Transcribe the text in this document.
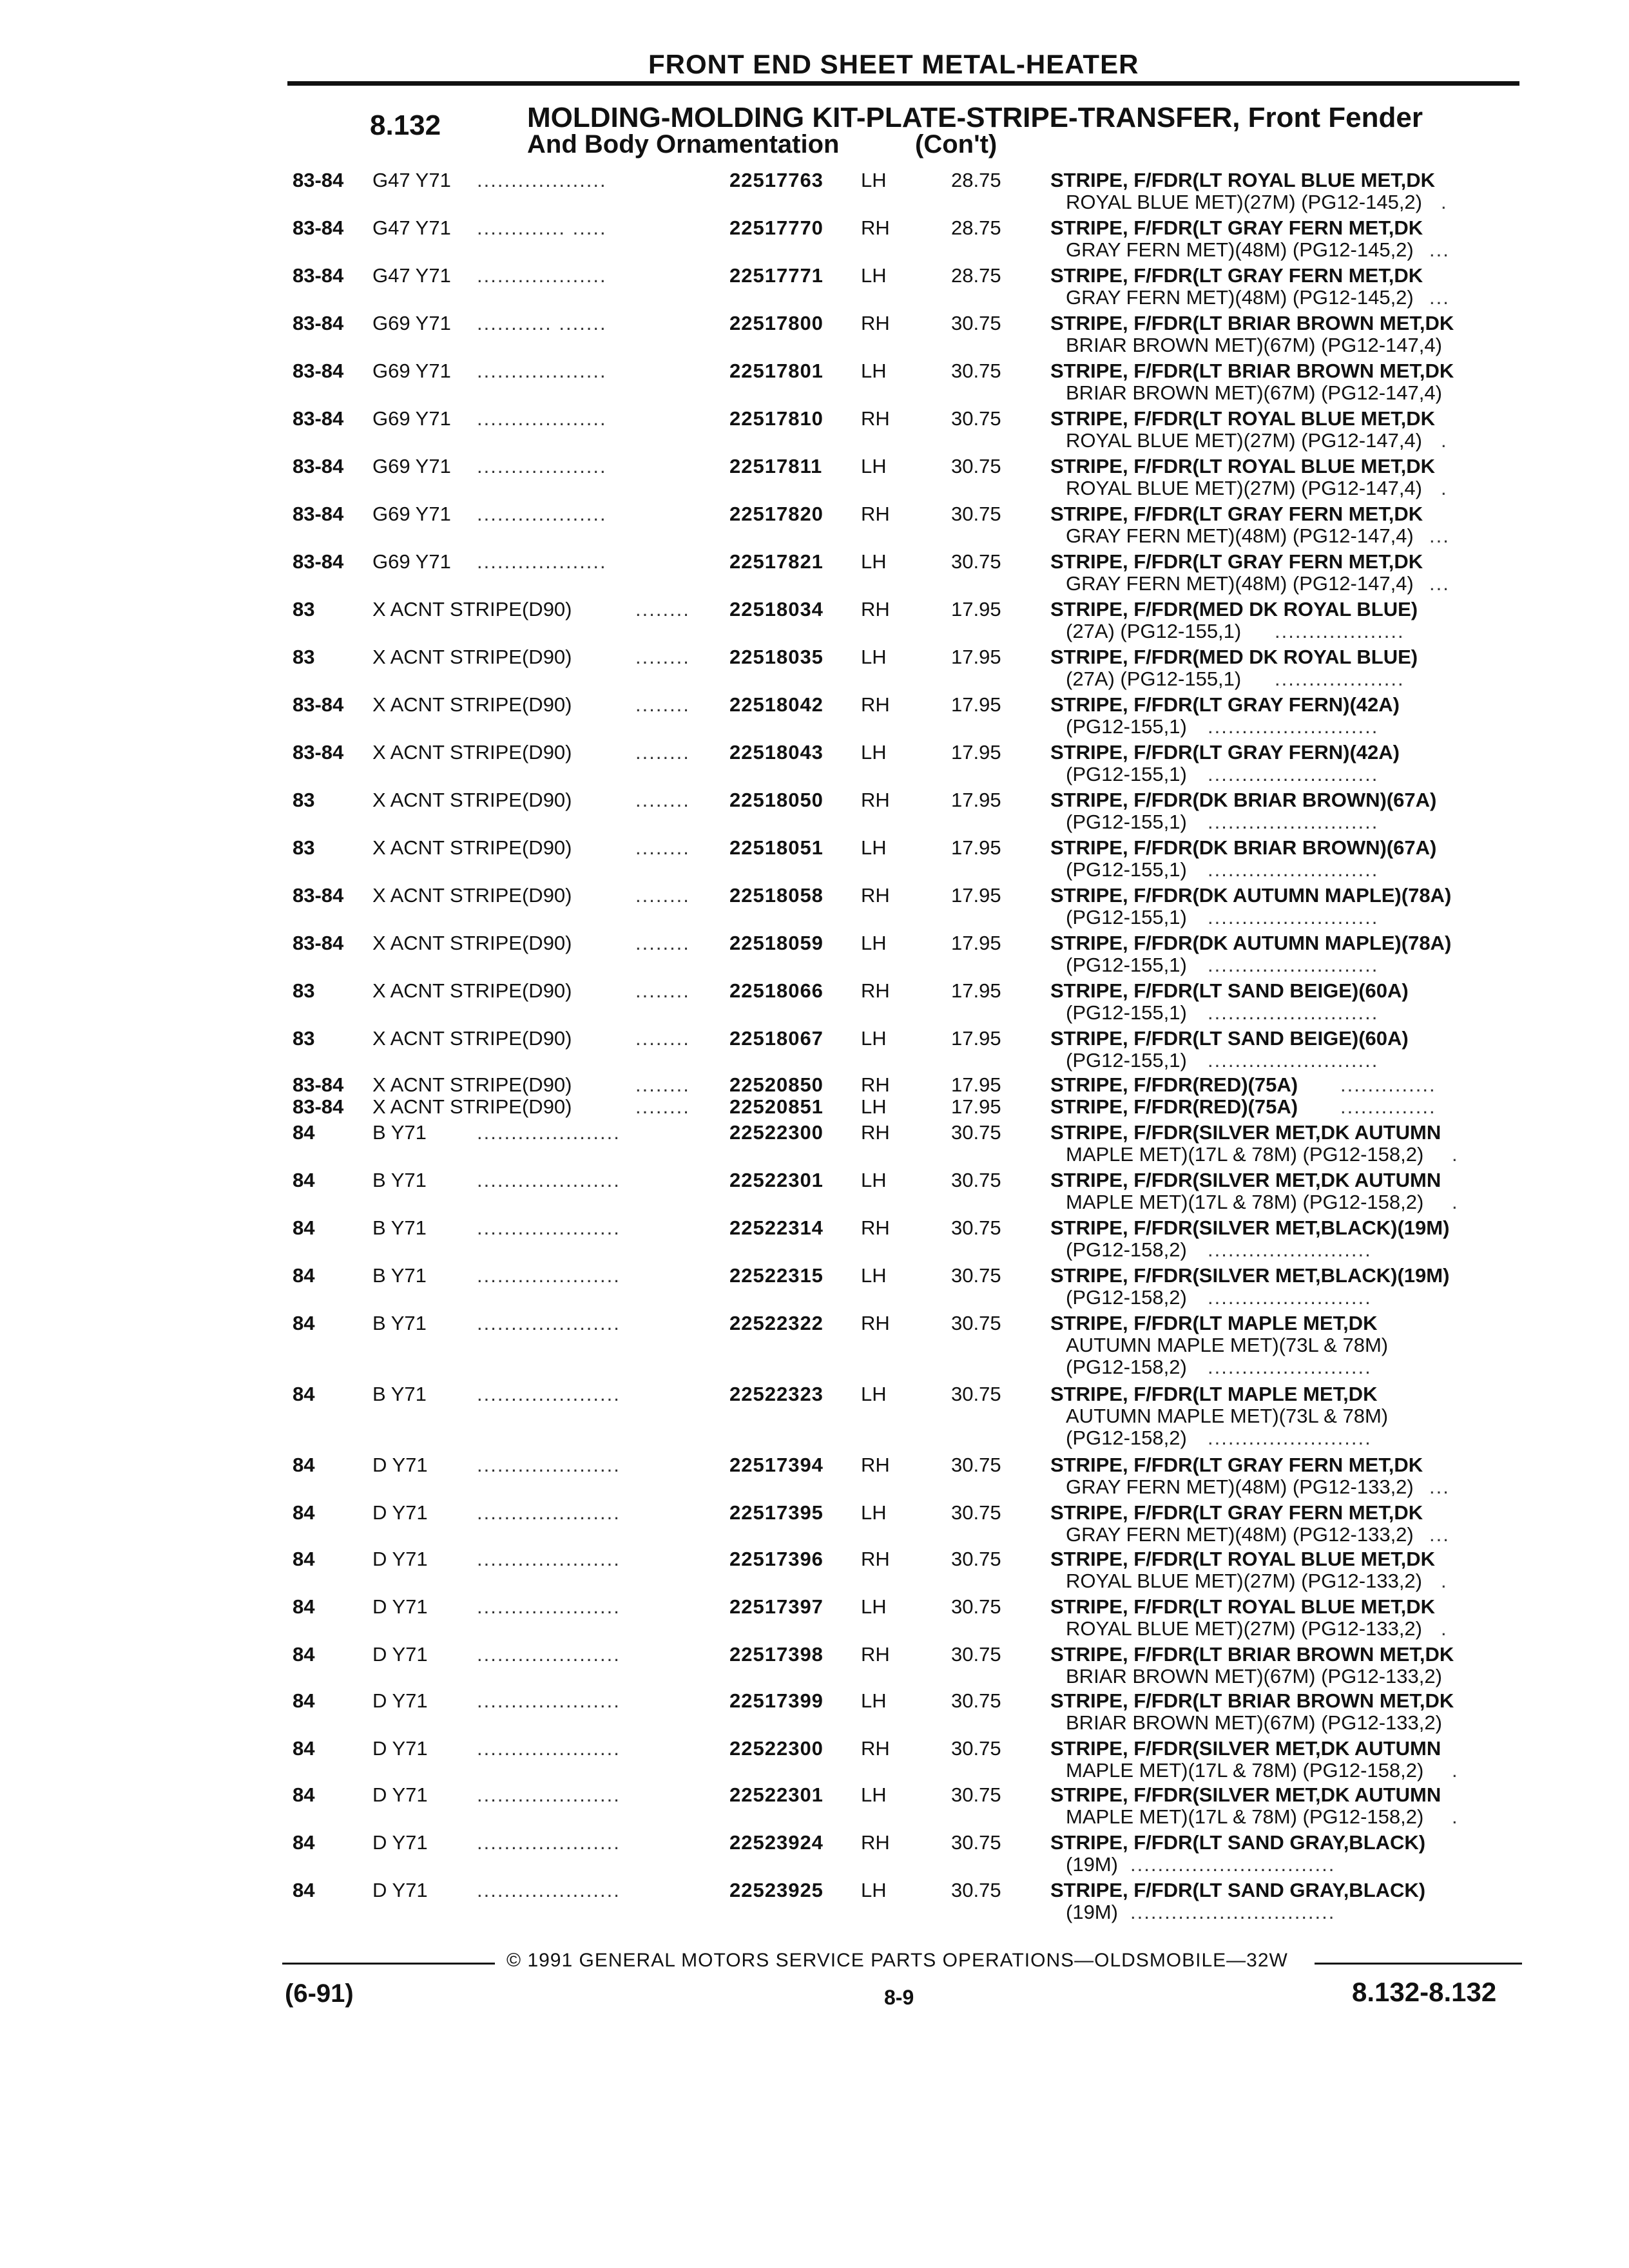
FRONT END SHEET METAL-HEATER
8.132	MOLDING-MOLDING KIT-PLATE-STRIPE-TRANSFER, Front Fender
And Body Ornamentation	(Con't)
83-84 G47 Y71 ...................	22517763 LH	28.75 STRIPE, F/FDR(LT ROYAL BLUE MET,DK
ROYAL BLUE MET)(27M) (PG12-145,2) .
83-84 G47 Y71 ............. .....	22517770 RH	28.75 STRIPE, F/FDR(LT GRAY FERN MET,DK
GRAY FERN MET)(48M) (PG12-145,2) ...
83-84 G47 Y71 ...................	22517771 LH	28.75 STRIPE, F/FDR(LT GRAY FERN MET,DK
GRAY FERN MET)(48M) (PG12-145,2) ...
83-84 G69 Y71 ........... .......	22517800 RH	30.75 STRIPE, F/FDR(LT BRIAR BROWN MET,DK
BRIAR BROWN MET)(67M) (PG12-147,4)
83-84 G69 Y71 ...................	22517801 LH	30.75 STRIPE, F/FDR(LT BRIAR BROWN MET,DK
BRIAR BROWN MET)(67M) (PG12-147,4)
83-84 G69 Y71 ...................	22517810 RH	30.75 STRIPE, F/FDR(LT ROYAL BLUE MET,DK
ROYAL BLUE MET)(27M) (PG12-147,4) .
83-84 G69 Y71 ...................	22517811 LH	30.75 STRIPE, F/FDR(LT ROYAL BLUE MET,DK
ROYAL BLUE MET)(27M) (PG12-147,4) .
83-84 G69 Y71 ...................	22517820 RH	30.75 STRIPE, F/FDR(LT GRAY FERN MET,DK
GRAY FERN MET)(48M) (PG12-147,4) ...
83-84 G69 Y71 ...................	22517821 LH	30.75 STRIPE, F/FDR(LT GRAY FERN MET,DK
GRAY FERN MET)(48M) (PG12-147,4) ...
83	X ACNT STRIPE(D90)	........ 22518034 RH	17.95 STRIPE, F/FDR(MED DK ROYAL BLUE)
(27A) (PG12-155,1) ...................
83	X ACNT STRIPE(D90)	........ 22518035 LH	17.95 STRIPE, F/FDR(MED DK ROYAL BLUE)
(27A) (PG12-155,1) ...................
83-84 X ACNT STRIPE(D90)	........ 22518042 RH	17.95 STRIPE, F/FDR(LT GRAY FERN)(42A)
(PG12-155,1) .........................
83-84 X ACNT STRIPE(D90)	........ 22518043 LH	17.95 STRIPE, F/FDR(LT GRAY FERN)(42A)
(PG12-155,1) .........................
83	X ACNT STRIPE(D90)	........ 22518050 RH	17.95 STRIPE, F/FDR(DK BRIAR BROWN)(67A)
(PG12-155,1) .........................
83	X ACNT STRIPE(D90)	........ 22518051 LH	17.95 STRIPE, F/FDR(DK BRIAR BROWN)(67A)
(PG12-155,1) .........................
83-84 X ACNT STRIPE(D90)	........ 22518058 RH	17.95 STRIPE, F/FDR(DK AUTUMN MAPLE)(78A)
(PG12-155,1) .........................
83-84 X ACNT STRIPE(D90)	........ 22518059 LH	17.95 STRIPE, F/FDR(DK AUTUMN MAPLE)(78A)
(PG12-155,1) .........................
83	X ACNT STRIPE(D90)	........ 22518066 RH	17.95 STRIPE, F/FDR(LT SAND BEIGE)(60A)
(PG12-155,1) .........................
83	X ACNT STRIPE(D90)	........ 22518067 LH	17.95 STRIPE, F/FDR(LT SAND BEIGE)(60A)
(PG12-155,1) .........................
83-84 X ACNT STRIPE(D90)	........ 22520850 RH	17.95 STRIPE, F/FDR(RED)(75A) ..............
83-84 X ACNT STRIPE(D90)	........ 22520851 LH	17.95 STRIPE, F/FDR(RED)(75A) ..............
84	B Y71	.....................	22522300 RH	30.75 STRIPE, F/FDR(SILVER MET,DK AUTUMN
MAPLE MET)(17L & 78M) (PG12-158,2) .
84	B Y71	.....................	22522301 LH	30.75 STRIPE, F/FDR(SILVER MET,DK AUTUMN
MAPLE MET)(17L & 78M) (PG12-158,2) .
84	B Y71	.....................	22522314 RH	30.75 STRIPE, F/FDR(SILVER MET,BLACK)(19M)
(PG12-158,2) ........................
84	B Y71	.....................	22522315 LH	30.75 STRIPE, F/FDR(SILVER MET,BLACK)(19M)
(PG12-158,2) ........................
84	B Y71	.....................	22522322 RH	30.75 STRIPE, F/FDR(LT MAPLE MET,DK
AUTUMN MAPLE MET)(73L & 78M)
(PG12-158,2) ........................
84	B Y71	.....................	22522323 LH	30.75 STRIPE, F/FDR(LT MAPLE MET,DK
AUTUMN MAPLE MET)(73L & 78M)
(PG12-158,2) ........................
84	D Y71 .....................	22517394 RH	30.75 STRIPE, F/FDR(LT GRAY FERN MET,DK
GRAY FERN MET)(48M) (PG12-133,2) ...
84	D Y71 .....................	22517395 LH	30.75 STRIPE, F/FDR(LT GRAY FERN MET,DK
GRAY FERN MET)(48M) (PG12-133,2) ...
84	D Y71 .....................	22517396 RH	30.75 STRIPE, F/FDR(LT ROYAL BLUE MET,DK
ROYAL BLUE MET)(27M) (PG12-133,2) .
84	D Y71 .....................	22517397 LH	30.75 STRIPE, F/FDR(LT ROYAL BLUE MET,DK
ROYAL BLUE MET)(27M) (PG12-133,2) .
84	D Y71 .....................	22517398 RH	30.75 STRIPE, F/FDR(LT BRIAR BROWN MET,DK
BRIAR BROWN MET)(67M) (PG12-133,2)
84	D Y71 .....................	22517399 LH	30.75 STRIPE, F/FDR(LT BRIAR BROWN MET,DK
BRIAR BROWN MET)(67M) (PG12-133,2)
84	D Y71 .....................	22522300 RH	30.75 STRIPE, F/FDR(SILVER MET,DK AUTUMN
MAPLE MET)(17L & 78M) (PG12-158,2) .
84	D Y71 .....................	22522301 LH	30.75 STRIPE, F/FDR(SILVER MET,DK AUTUMN
MAPLE MET)(17L & 78M) (PG12-158,2) .
84	D Y71 .....................	22523924 RH	30.75 STRIPE, F/FDR(LT SAND GRAY,BLACK)
(19M) ..............................
84	D Y71 .....................	22523925 LH	30.75 STRIPE, F/FDR(LT SAND GRAY,BLACK)
(19M) ..............................
© 1991 GENERAL MOTORS SERVICE PARTS OPERATIONS—OLDSMOBILE—32W
(6-91)	8-9	8.132-8.132
